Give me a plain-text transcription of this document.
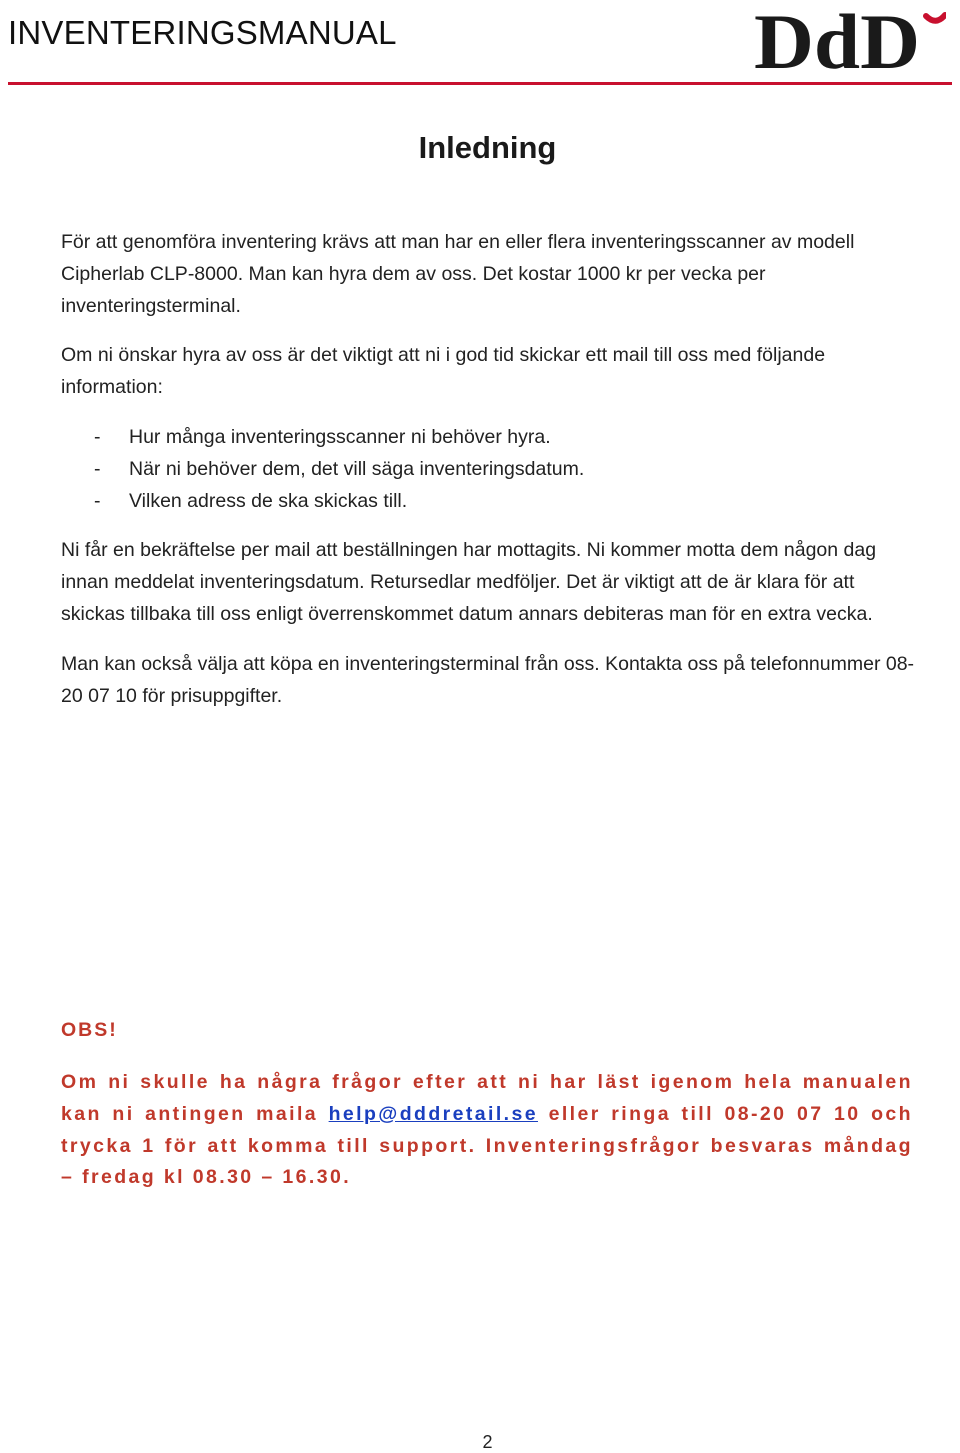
INVENTERINGSMANUAL	DdD
Inledning

För att genomföra inventering krävs att man har en eller flera inventeringsscanner av modell Cipherlab CLP-8000. Man kan hyra dem av oss. Det kostar 1000 kr per vecka per inventeringsterminal.

Om ni önskar hyra av oss är det viktigt att ni i god tid skickar ett mail till oss med följande information:

- Hur många inventeringsscanner ni behöver hyra.
- När ni behöver dem, det vill säga inventeringsdatum.
- Vilken adress de ska skickas till.

Ni får en bekräftelse per mail att beställningen har mottagits. Ni kommer motta dem någon dag innan meddelat inventeringsdatum. Retursedlar medföljer. Det är viktigt att de är klara för att skickas tillbaka till oss enligt överrenskommet datum annars debiteras man för en extra vecka.

Man kan också välja att köpa en inventeringsterminal från oss. Kontakta oss på telefonnummer 08-20 07 10 för prisuppgifter.

OBS!
Om ni skulle ha några frågor efter att ni har läst igenom hela manualen kan ni antingen maila help@dddretail.se eller ringa till 08-20 07 10 och trycka 1 för att komma till support. Inventeringsfrågor besvaras måndag – fredag kl 08.30 – 16.30.
2
